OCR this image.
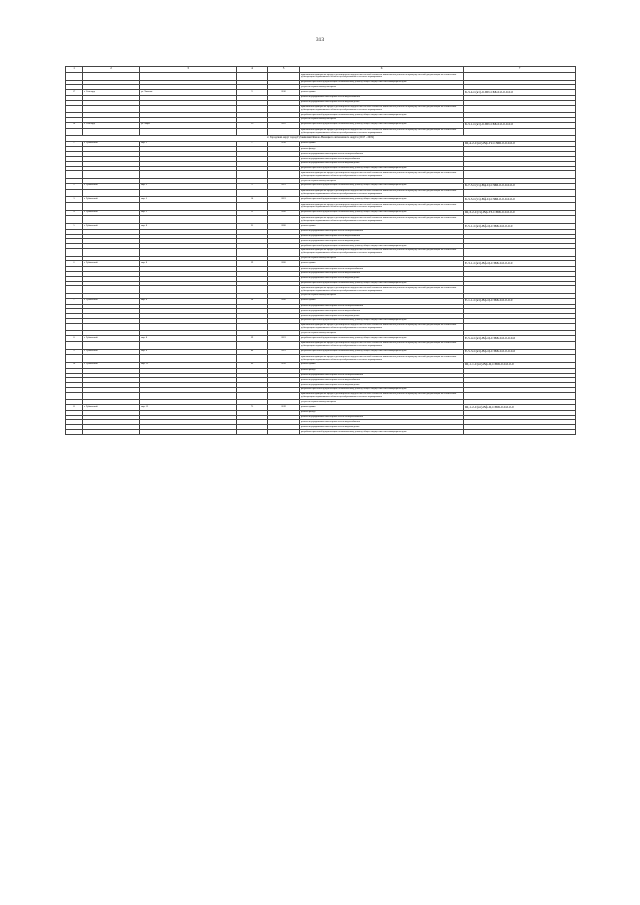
313
1	2	3	4	5	6	7
					приглашения проверка на предмет достоверности определения сметной стоимости капитального ремонта на проверку сметной документации на соответствие действующим нормативным в области ценообразования и сметного нормирования	
					разработка проектной документации на капитальному ремонту общего имущества в многоквартирном доме	
					услуги по строительному контролю	
17	г. Салехард	ул. Чкалова	9	2016	ремонт крыши	Б-3-4-С(кт)-0-ПП-СББ-0-0-0-0-0-0
					ремонт внутридомовых инженерных систем водоснабжения	
					ремонт внутридомовых инженерных систем водоотведения	
					приглашения проверка на предмет достоверности определения сметной стоимости капитального ремонта на проверку сметной документации на соответствие действующим нормативным в области ценообразования и сметного нормирования	
					разработка проектной документации на капитальному ремонту общего имущества в многоквартирном доме	
					услуги по строительному контролю	
18	г. Салехард	ул. Мира	1А	2022	разработка проектной документации на капитальному ремонту общего имущества в многоквартирном доме	Б-3-1-С(кт)-0-ПП-СББ-0-0-0-0-0-0
					приглашения проверка на предмет достоверности определения сметной стоимости капитального ремонта на проверку сметной документации на соответствие действующим нормативным в области ценообразования и сметного нормирования	
2. Городской округ город Губкинский Ямало-Ненецкого автономного округа (2017 - 2019)						
1	г. Губкинский	мкр. 2	1	2018	ремонт крыши	Щ-4-2-С(кт)-Вф-Г2-СЗББ-0-0-0-0-0
					ремонт фасада	
					ремонт внутридомовых инженерных систем электроснабжения	
					ремонт внутридомовых инженерных систем водоснабжения	
					ремонт внутридомовых инженерных систем водоотведения	
					разработка проектной документации на капитальному ремонту общего имущества в многоквартирном доме	
					приглашения проверка на предмет достоверности определения сметной стоимости капитального ремонта на проверку сметной документации на соответствие действующим нормативным в области ценообразования и сметного нормирования	
					услуги по строительному контролю	
2	г. Губкинский	мкр. 5	9	2021	разработка проектной документации на капитальному ремонту общего имущества в многоквартирном доме	Б-7-3-С(тз)-Вф-Ц-СЗББ-0-0-0-0-0-0
					приглашения проверка на предмет достоверности определения сметной стоимости капитального ремонта на проверку сметной документации на соответствие действующим нормативным в области ценообразования и сметного нормирования	
3	г. Губкинский	мкр. 5	10	2021	разработка проектной документации на капитальному ремонту общего имущества в многоквартирном доме	Б-3-3-С(тз)-Вф-Ц-СЗББ-0-0-0-0-0-0
					приглашения проверка на предмет достоверности определения сметной стоимости капитального ремонта на проверку сметной документации на соответствие действующим нормативным в области ценообразования и сметного нормирования	
4	г. Губкинский	мкр. 5	12	2020	разработка проектной документации на капитальному ремонту общего имущества в многоквартирном доме	Щ-3-2-С(тз)-Вф-Г3-СЗББ-0-0-0-0-0
					приглашения проверка на предмет достоверности определения сметной стоимости капитального ремонта на проверку сметной документации на соответствие действующим нормативным в области ценообразования и сметного нормирования	
5	г. Губкинский	мкр. 8	25	2020	ремонт крыши	Е-5-1-С(кт)-Вф-Ц-СЗББ-0-0-0-0-0
					ремонт внутридомовых инженерных систем электроснабжения	
					ремонт внутридомовых инженерных систем водоснабжения	
					ремонт внутридомовых инженерных систем водоотведения	
					разработка проектной документации на капитальному ремонту общего имущества в многоквартирном доме	
					приглашения проверка на предмет достоверности определения сметной стоимости капитального ремонта на проверку сметной документации на соответствие действующим нормативным в области ценообразования и сметного нормирования	
					услуги по строительному контролю	
6	г. Губкинский	мкр. 8	29	2020	ремонт крыши	Е-3-1-С(кт)-Вф-Ц-СЗББ-0-0-0-0-0
					ремонт внутридомовых инженерных систем электроснабжения	
					ремонт внутридомовых инженерных систем водоснабжения	
					ремонт внутридомовых инженерных систем водоотведения	
					разработка проектной документации на капитальному ремонту общего имущества в многоквартирном доме	
					приглашения проверка на предмет достоверности определения сметной стоимости капитального ремонта на проверку сметной документации на соответствие действующим нормативным в области ценообразования и сметного нормирования	
					услуги по строительному контролю	
7	г. Губкинский	мкр. 8	38	2020	ремонт крыши	Е-1-1-С(кт)-Вф-Ц-СЗББ-0-0-0-0-0
					ремонт внутридомовых инженерных систем электроснабжения	
					ремонт внутридомовых инженерных систем водоснабжения	
					ремонт внутридомовых инженерных систем водоотведения	
					разработка проектной документации на капитальному ремонту общего имущества в многоквартирном доме	
					приглашения проверка на предмет достоверности определения сметной стоимости капитального ремонта на проверку сметной документации на соответствие действующим нормативным в области ценообразования и сметного нормирования	
					услуги по строительному контролю	
8	г. Губкинский	мкр. 8	39	2021	разработка проектной документации на капитальному ремонту общего имущества в многоквартирном доме	Е-5-4-С(кт)-Вф-Ц-СЗББ-0-0-0-0-0-0
					приглашения проверка на предмет достоверности определения сметной стоимости капитального ремонта на проверку сметной документации на соответствие действующим нормативным в области ценообразования и сметного нормирования	
9	г. Губкинский	мкр. 8	40	2021	разработка проектной документации на капитальному ремонту общего имущества в многоквартирном доме	Е-5-3-С(кт)-Вф-Ц-СЗББ-0-0-0-0-0-0
					приглашения проверка на предмет достоверности определения сметной стоимости капитального ремонта на проверку сметной документации на соответствие действующим нормативным в области ценообразования и сметного нормирования	
10	г. Губкинский	мкр. 13	66	2019	ремонт крыши	Щ-1-1-С(кт)-Вф-Ц-СЗББ-0-0-0-0-0
					ремонт фасада	
					ремонт внутридомовых инженерных систем электроснабжения	
					ремонт внутридомовых инженерных систем водоснабжения	
					ремонт внутридомовых инженерных систем водоотведения	
					разработка проектной документации на капитальному ремонту общего имущества в многоквартирном доме	
					приглашения проверка на предмет достоверности определения сметной стоимости капитального ремонта на проверку сметной документации на соответствие действующим нормативным в области ценообразования и сметного нормирования	
					услуги по строительному контролю	
11	г. Губкинский	мкр. 13	75	2019	ремонт крыши	Щ-1-2-С(кт)-Вф-Ц-СЗББ-0-0-0-0-0
					ремонт фасада	
					ремонт внутридомовых инженерных систем электроснабжения	
					ремонт внутридомовых инженерных систем водоснабжения	
					ремонт внутридомовых инженерных систем водоотведения	
					разработка проектной документации на капитальному ремонту общего имущества в многоквартирном доме	
